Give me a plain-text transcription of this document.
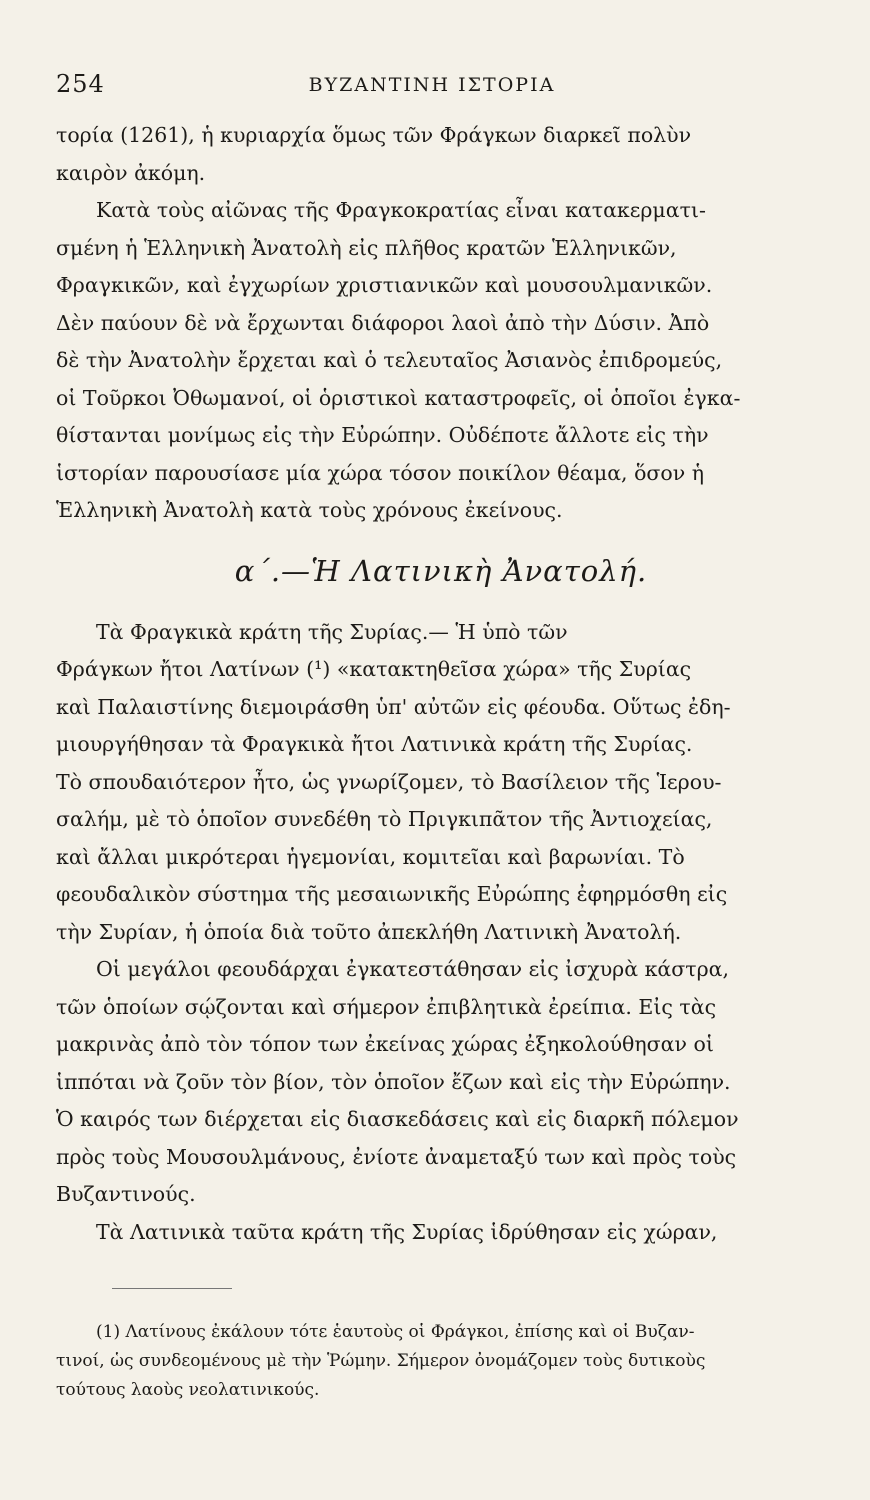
254	ΒΥΖΑΝΤΙΝΗ ΙΣΤΟΡΙΑ
τορία (1261), ἡ κυριαρχία ὅμως τῶν Φράγκων διαρκεῖ πολὺν
καιρὸν ἀκόμη.
Κατὰ τοὺς αἰῶνας τῆς Φραγκοκρατίας εἶναι κατακερματι-
σμένη ἡ Ἑλληνικὴ Ἀνατολὴ εἰς πλῆθος κρατῶν Ἑλληνικῶν,
Φραγκικῶν, καὶ ἐγχωρίων χριστιανικῶν καὶ μουσουλμανικῶν.
Δὲν παύουν δὲ νὰ ἔρχωνται διάφοροι λαοὶ ἀπὸ τὴν Δύσιν. Ἀπὸ
δὲ τὴν Ἀνατολὴν ἔρχεται καὶ ὁ τελευταῖος Ἀσιανὸς ἐπιδρομεύς,
οἱ Τοῦρκοι Ὀθωμανοί, οἱ ὁριστικοὶ καταστροφεῖς, οἱ ὁποῖοι ἐγκα-
θίστανται μονίμως εἰς τὴν Εὐρώπην. Οὐδέποτε ἄλλοτε εἰς τὴν
ἱστορίαν παρουσίασε μία χώρα τόσον ποικίλον θέαμα, ὅσον ἡ
Ἑλληνικὴ Ἀνατολὴ κατὰ τοὺς χρόνους ἐκείνους.
α΄.—Ἡ Λατινικὴ Ἀνατολή.
Τὰ Φραγκικὰ κράτη τῆς Συρίας.— Ἡ ὑπὸ τῶν
Φράγκων ἤτοι Λατίνων (¹) «κατακτηθεῖσα χώρα» τῆς Συρίας
καὶ Παλαιστίνης διεμοιράσθη ὑπ' αὐτῶν εἰς φέουδα. Οὕτως ἐδη-
μιουργήθησαν τὰ Φραγκικὰ ἤτοι Λατινικὰ κράτη τῆς Συρίας.
Τὸ σπουδαιότερον ἦτο, ὡς γνωρίζομεν, τὸ Βασίλειον τῆς Ἱερου-
σαλήμ, μὲ τὸ ὁποῖον συνεδέθη τὸ Πριγκιπᾶτον τῆς Ἀντιοχείας,
καὶ ἄλλαι μικρότεραι ἡγεμονίαι, κομιτεῖαι καὶ βαρωνίαι. Τὸ
φεουδαλικὸν σύστημα τῆς μεσαιωνικῆς Εὐρώπης ἐφηρμόσθη εἰς
τὴν Συρίαν, ἡ ὁποία διὰ τοῦτο ἀπεκλήθη Λατινικὴ Ἀνατολή.
Οἱ μεγάλοι φεουδάρχαι ἐγκατεστάθησαν εἰς ἰσχυρὰ κάστρα,
τῶν ὁποίων σῴζονται καὶ σήμερον ἐπιβλητικὰ ἐρείπια. Εἰς τὰς
μακρινὰς ἀπὸ τὸν τόπον των ἐκείνας χώρας ἐξηκολούθησαν οἱ
ἱππόται νὰ ζοῦν τὸν βίον, τὸν ὁποῖον ἔζων καὶ εἰς τὴν Εὐρώπην.
Ὁ καιρός των διέρχεται εἰς διασκεδάσεις καὶ εἰς διαρκῆ πόλεμον
πρὸς τοὺς Μουσουλμάνους, ἐνίοτε ἀναμεταξύ των καὶ πρὸς τοὺς
Βυζαντινούς.
Τὰ Λατινικὰ ταῦτα κράτη τῆς Συρίας ἱδρύθησαν εἰς χώραν,
(1) Λατίνους ἐκάλουν τότε ἑαυτοὺς οἱ Φράγκοι, ἐπίσης καὶ οἱ Βυζαν-
τινοί, ὡς συνδεομένους μὲ τὴν Ῥώμην. Σήμερον ὀνομάζομεν τοὺς δυτικοὺς
τούτους λαοὺς νεολατινικούς.
